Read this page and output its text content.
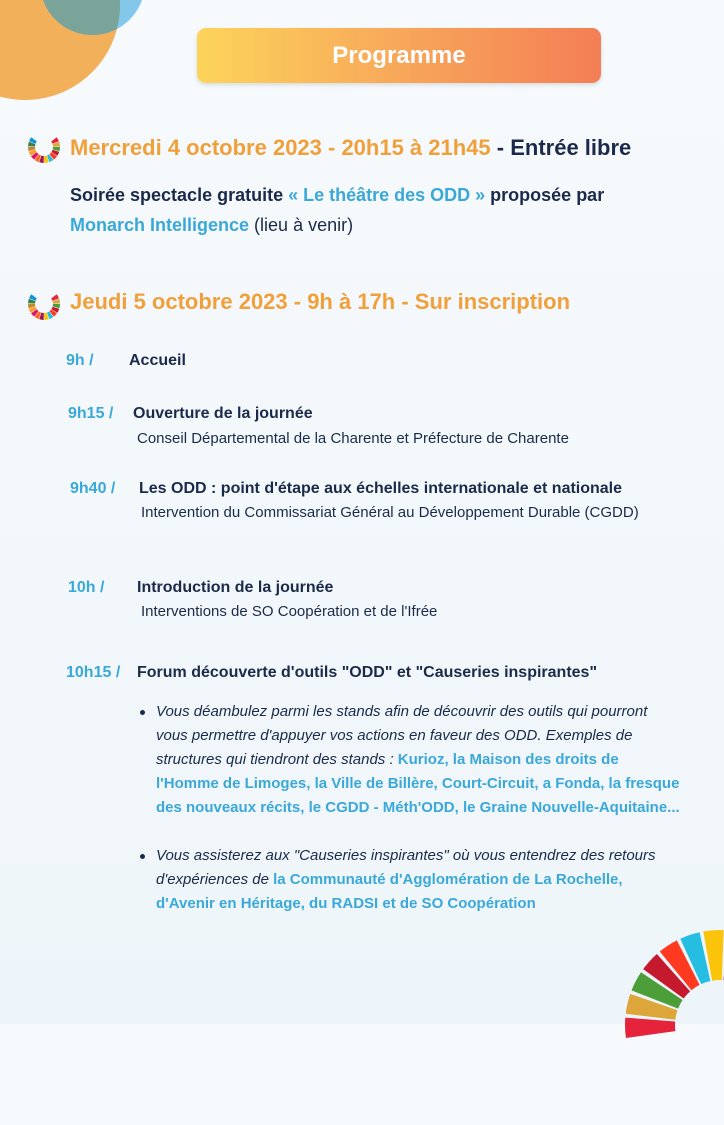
Programme
Mercredi 4 octobre 2023 - 20h15 à 21h45 - Entrée libre
Soirée spectacle gratuite « Le théâtre des ODD » proposée par
Monarch Intelligence (lieu à venir)
Jeudi 5 octobre 2023 - 9h à 17h - Sur inscription
9h / Accueil
9h15 / Ouverture de la journée
Conseil Départemental de la Charente et Préfecture de Charente
9h40 / Les ODD : point d'étape aux échelles internationale et nationale
Intervention du Commissariat Général au Développement Durable (CGDD)
10h / Introduction de la journée
Interventions de SO Coopération et de l'Ifrée
10h15 / Forum découverte d'outils "ODD" et "Causeries inspirantes"
Vous déambulez parmi les stands afin de découvrir des outils qui pourront vous permettre d'appuyer vos actions en faveur des ODD. Exemples de structures qui tiendront des stands : Kurioz, la Maison des droits de l'Homme de Limoges, la Ville de Billère, Court-Circuit, a Fonda, la fresque des nouveaux récits, le CGDD - Méth'ODD, le Graine Nouvelle-Aquitaine...
Vous assisterez aux "Causeries inspirantes" où vous entendrez des retours d'expériences de la Communauté d'Agglomération de La Rochelle, d'Avenir en Héritage, du RADSI et de SO Coopération
